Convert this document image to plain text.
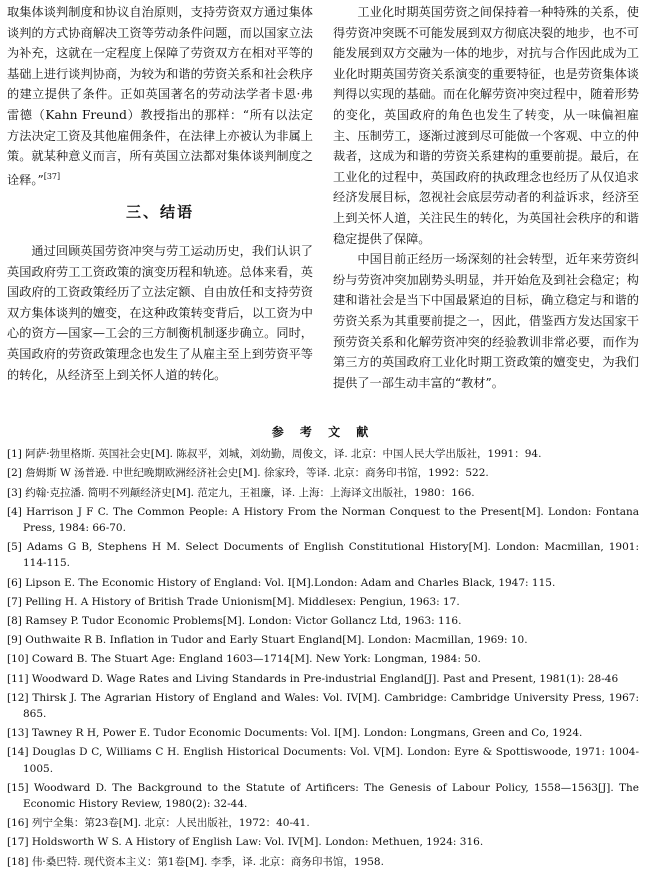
取集体谈判制度和协议自治原则，支持劳资双方通过集体谈判的方式协商解决工资等劳动条件问题，而以国家立法为补充，这就在一定程度上保障了劳资双方在相对平等的基础上进行谈判协商，为较为和谐的劳资关系和社会秩序的建立提供了条件。正如英国著名的劳动法学者卡恩·弗雷德（Kahn Freund）教授指出的那样：“所有以法定方法决定工资及其他雇佣条件，在法律上亦被认为非属上策。就某种意义而言，所有英国立法都对集体谈判制度之诠释。”[37]

三、结语

通过回顾英国劳资冲突与劳工运动历史，我们认识了英国政府劳工工资政策的演变历程和轨迹。总体来看，英国政府的工资政策经历了立法定额、自由放任和支持劳资双方集体谈判的嬗变，在这种政策转变背后，以工资为中心的资方—国家—工会的三方制衡机制逐步确立。同时，英国政府的劳资政策理念也发生了从雇主至上到劳资平等的转化，从经济至上到关怀人道的转化。

工业化时期英国劳资之间保持着一种特殊的关系，使得劳资冲突既不可能发展到双方彻底决裂的地步，也不可能发展到双方交融为一体的地步，对抗与合作因此成为工业化时期英国劳资关系演变的重要特征，也是劳资集体谈判得以实现的基础。而在化解劳资冲突过程中，随着形势的变化，英国政府的角色也发生了转变，从一味偏袒雇主、压制劳工，逐渐过渡到尽可能做一个客观、中立的仲裁者，这成为和谐的劳资关系建构的重要前提。最后，在工业化的过程中，英国政府的执政理念也经历了从仅追求经济发展目标，忽视社会底层劳动者的利益诉求，经济至上到关怀人道，关注民生的转化，为英国社会秩序的和谐稳定提供了保障。

中国目前正经历一场深刻的社会转型，近年来劳资纠纷与劳资冲突加剧势头明显，并开始危及到社会稳定；构建和谐社会是当下中国最紧迫的目标，确立稳定与和谐的劳资关系为其重要前提之一，因此，借鉴西方发达国家干预劳资关系和化解劳资冲突的经验教训非常必要，而作为第三方的英国政府工业化时期工资政策的嬗变史，为我们提供了一部生动丰富的“教材”。

参 考 文 献

[1] 阿萨·勃里格斯. 英国社会史[M]. 陈叔平，刘城，刘幼勤，周俊文，译. 北京：中国人民大学出版社，1991：94.

[2] 詹姆斯 W 汤普逊. 中世纪晚期欧洲经济社会史[M]. 徐家玲，等译. 北京：商务印书馆，1992：522.

[3] 约翰·克拉潘. 简明不列颠经济史[M]. 范定九，王祖廉，译. 上海：上海译文出版社，1980：166.

[4] Harrison J F C. The Common People: A History From the Norman Conquest to the Present[M]. London: Fontana Press, 1984: 66-70.

[5] Adams G B, Stephens H M. Select Documents of English Constitutional History[M]. London: Macmillan, 1901: 114-115.

[6] Lipson E. The Economic History of England: Vol. I[M].London: Adam and Charles Black, 1947: 115.

[7] Pelling H. A History of British Trade Unionism[M]. Middlesex: Pengiun, 1963: 17.

[8] Ramsey P. Tudor Economic Problems[M]. London: Victor Gollancz Ltd, 1963: 116.

[9] Outhwaite R B. Inflation in Tudor and Early Stuart England[M]. London: Macmillan, 1969: 10.

[10] Coward B. The Stuart Age: England 1603—1714[M]. New York: Longman, 1984: 50.

[11] Woodward D. Wage Rates and Living Standards in Pre-industrial England[J]. Past and Present, 1981(1): 28-46

[12] Thirsk J. The Agrarian History of England and Wales: Vol. IV[M]. Cambridge: Cambridge University Press, 1967: 865.

[13] Tawney R H, Power E. Tudor Economic Documents: Vol. I[M]. London: Longmans, Green and Co, 1924.

[14] Douglas D C, Williams C H. English Historical Documents: Vol. V[M]. London: Eyre & Spottiswoode, 1971: 1004-1005.

[15] Woodward D. The Background to the Statute of Artificers: The Genesis of Labour Policy, 1558—1563[J]. The Economic History Review, 1980(2): 32-44.

[16] 列宁全集：第23卷[M]. 北京：人民出版社，1972：40-41.

[17] Holdsworth W S. A History of English Law: Vol. IV[M]. London: Methuen, 1924: 316.

[18] 伟·桑巴特. 现代资本主义：第1卷[M]. 李季，译. 北京：商务印书馆，1958.
